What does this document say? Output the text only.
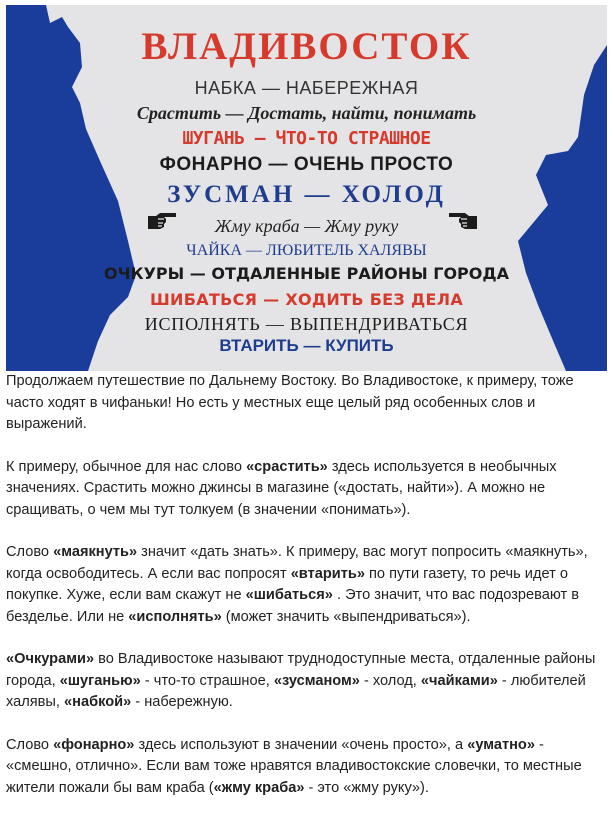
ВЛАДИВОСТОК
НАБКА — НАБЕРЕЖНАЯ
Срастить — Достать, найти, понимать
ШУГАНЬ — ЧТО-ТО СТРАШНОЕ
ФОНАРНО — ОЧЕНЬ ПРОСТО
ЗУСМАН — ХОЛОД
Жму краба — Жму руку
ЧАЙКА — ЛЮБИТЕЛЬ ХАЛЯВЫ
ОЧКУРЫ — ОТДАЛЕННЫЕ РАЙОНЫ ГОРОДА
ШИБАТЬСЯ — ХОДИТЬ БЕЗ ДЕЛА
ИСПОЛНЯТЬ — ВЫПЕНДРИВАТЬСЯ
ВТАРИТЬ — КУПИТЬ

Продолжаем путешествие по Дальнему Востоку. Во Владивостоке, к примеру, тоже часто ходят в чифаньки! Но есть у местных еще целый ряд особенных слов и выражений.

К примеру, обычное для нас слово «срастить» здесь используется в необычных значениях. Срастить можно джинсы в магазине («достать, найти»). А можно не сращивать, о чем мы тут толкуем (в значении «понимать»).

Слово «маякнуть» значит «дать знать». К примеру, вас могут попросить «маякнуть», когда освободитесь. А если вас попросят «втарить» по пути газету, то речь идет о покупке. Хуже, если вам скажут не «шибаться» . Это значит, что вас подозревают в безделье. Или не «исполнять» (может значить «выпендриваться»).

«Очкурами» во Владивостоке называют труднодоступные места, отдаленные районы города, «шуганью» - что-то страшное, «зусманом» - холод, «чайками» - любителей халявы, «набкой» - набережную.

Слово «фонарно» здесь используют в значении «очень просто», а «уматно» - «смешно, отлично». Если вам тоже нравятся владивостокские словечки, то местные жители пожали бы вам краба («жму краба» - это «жму руку»).
